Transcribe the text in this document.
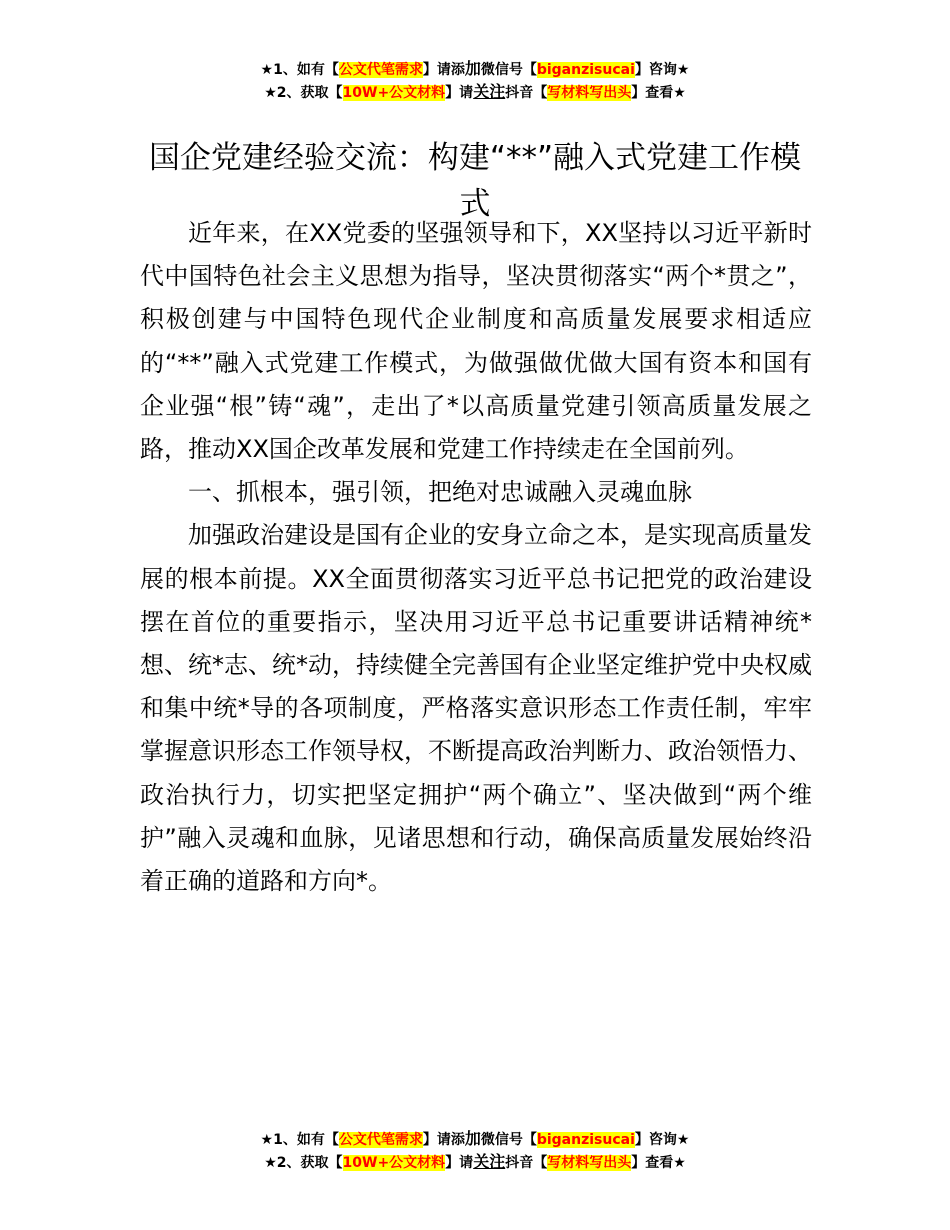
★1、如有【公文代笔需求】请添加微信号【biganzisucai】咨询★
★2、获取【10W+公文材料】请关注抖音【写材料写出头】查看★
国企党建经验交流：构建“**”融入式党建工作模式

近年来，在XX党委的坚强领导和下，XX坚持以习近平新时代中国特色社会主义思想为指导，坚决贯彻落实“两个*贯之”，积极创建与中国特色现代企业制度和高质量发展要求相适应的“**”融入式党建工作模式，为做强做优做大国有资本和国有企业强“根”铸“魂”，走出了*以高质量党建引领高质量发展之路，推动XX国企改革发展和党建工作持续走在全国前列。

一、抓根本，强引领，把绝对忠诚融入灵魂血脉

加强政治建设是国有企业的安身立命之本，是实现高质量发展的根本前提。XX全面贯彻落实习近平总书记把党的政治建设摆在首位的重要指示，坚决用习近平总书记重要讲话精神统*想、统*志、统*动，持续健全完善国有企业坚定维护党中央权威和集中统*导的各项制度，严格落实意识形态工作责任制，牢牢掌握意识形态工作领导权，不断提高政治判断力、政治领悟力、政治执行力，切实把坚定拥护“两个确立”、坚决做到“两个维护”融入灵魂和血脉，见诸思想和行动，确保高质量发展始终沿着正确的道路和方向*。

★1、如有【公文代笔需求】请添加微信号【biganzisucai】咨询★
★2、获取【10W+公文材料】请关注抖音【写材料写出头】查看★
